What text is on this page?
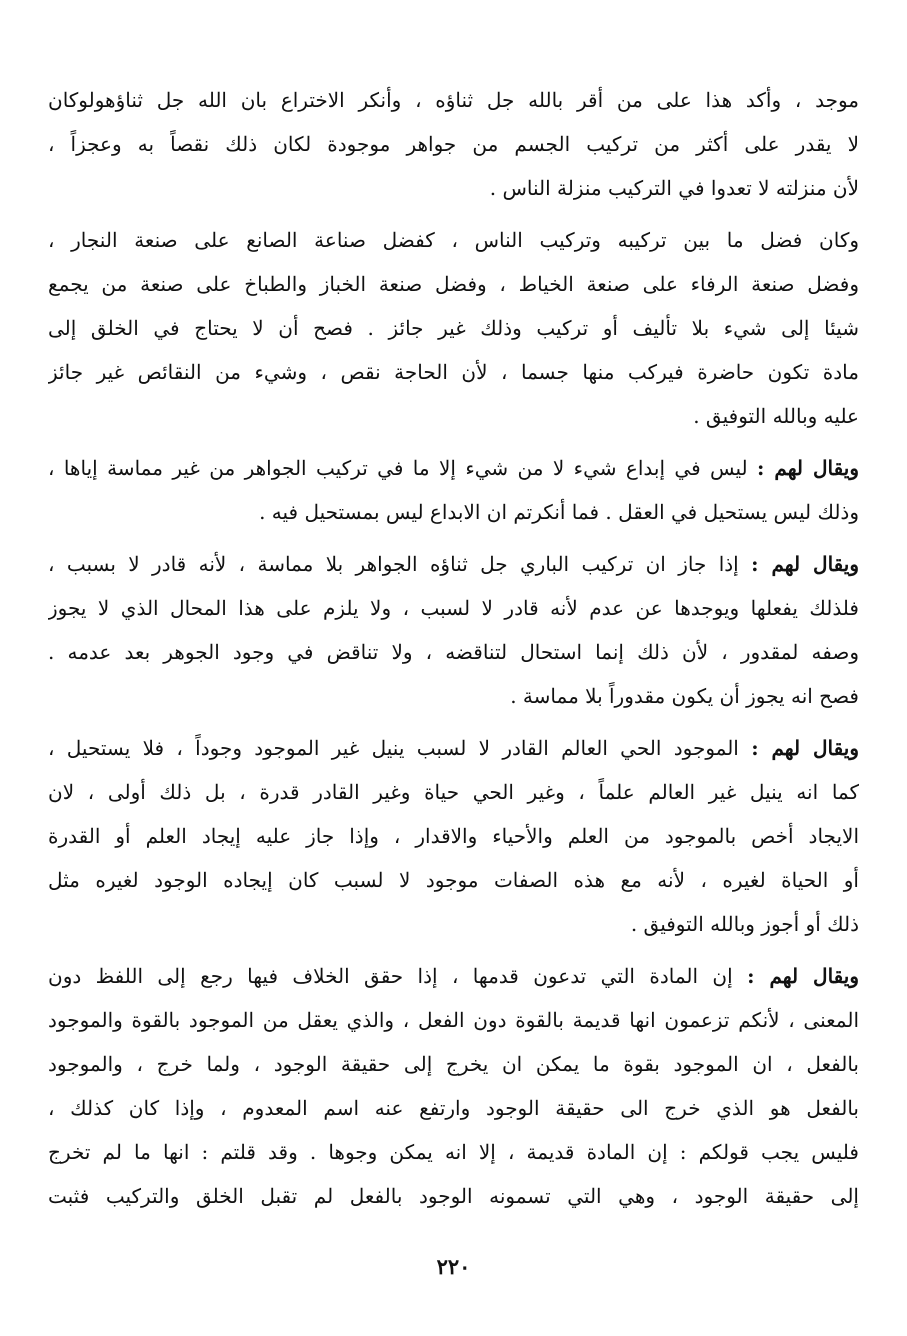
موجد ، وأكد هذا على من أقر بالله جل ثناؤه ، وأنكر الاختراع بان الله جل ثناؤهولوكان
لا يقدر على أكثر من تركيب الجسم من جواهر موجودة لكان ذلك نقصاً به وعجزاً ،
لأن منزلته لا تعدوا في التركيب منزلة الناس .
وكان فضل ما بين تركيبه وتركيب الناس ، كفضل صناعة الصانع على صنعة النجار ،
وفضل صنعة الرفاء على صنعة الخياط ، وفضل صنعة الخباز والطباخ على صنعة من يجمع
شيئا إلى شيء بلا تأليف أو تركيب وذلك غير جائز . فصح أن لا يحتاج في الخلق إلى
مادة تكون حاضرة فيركب منها جسما ، لأن الحاجة نقص ، وشيء من النقائص غير جائز
عليه وبالله التوفيق .
ويقال لهم : ليس في إبداع شيء لا من شيء إلا ما في تركيب الجواهر من غير مماسة إياها ،
وذلك ليس يستحيل في العقل . فما أنكرتم ان الابداع ليس بمستحيل فيه .
ويقال لهم : إذا جاز ان تركيب الباري جل ثناؤه الجواهر بلا مماسة ، لأنه قادر لا بسبب ،
فلذلك يفعلها ويوجدها عن عدم لأنه قادر لا لسبب ، ولا يلزم على هذا المحال الذي لا يجوز
وصفه لمقدور ، لأن ذلك إنما استحال لتناقضه ، ولا تناقض في وجود الجوهر بعد عدمه .
فصح انه يجوز أن يكون مقدوراً بلا مماسة .
ويقال لهم : الموجود الحي العالم القادر لا لسبب ينيل غير الموجود وجوداً ، فلا يستحيل ،
كما انه ينيل غير العالم علماً ، وغير الحي حياة وغير القادر قدرة ، بل ذلك أولى ، لان
الايجاد أخص بالموجود من العلم والأحياء والاقدار ، وإذا جاز عليه إيجاد العلم أو القدرة
أو الحياة لغيره ، لأنه مع هذه الصفات موجود لا لسبب كان إيجاده الوجود لغيره مثل
ذلك أو أجوز وبالله التوفيق .
ويقال لهم : إن المادة التي تدعون قدمها ، إذا حقق الخلاف فيها رجع إلى اللفظ دون
المعنى ، لأنكم تزعمون انها قديمة بالقوة دون الفعل ، والذي يعقل من الموجود بالقوة والموجود
بالفعل ، ان الموجود بقوة ما يمكن ان يخرج إلى حقيقة الوجود ، ولما خرج ، والموجود
بالفعل هو الذي خرج الى حقيقة الوجود وارتفع عنه اسم المعدوم ، وإذا كان كذلك ،
فليس يجب قولكم : إن المادة قديمة ، إلا انه يمكن وجوها . وقد قلتم : انها ما لم تخرج
إلى حقيقة الوجود ، وهي التي تسمونه الوجود بالفعل لم تقبل الخلق والتركيب فثبت
٢٢٠
